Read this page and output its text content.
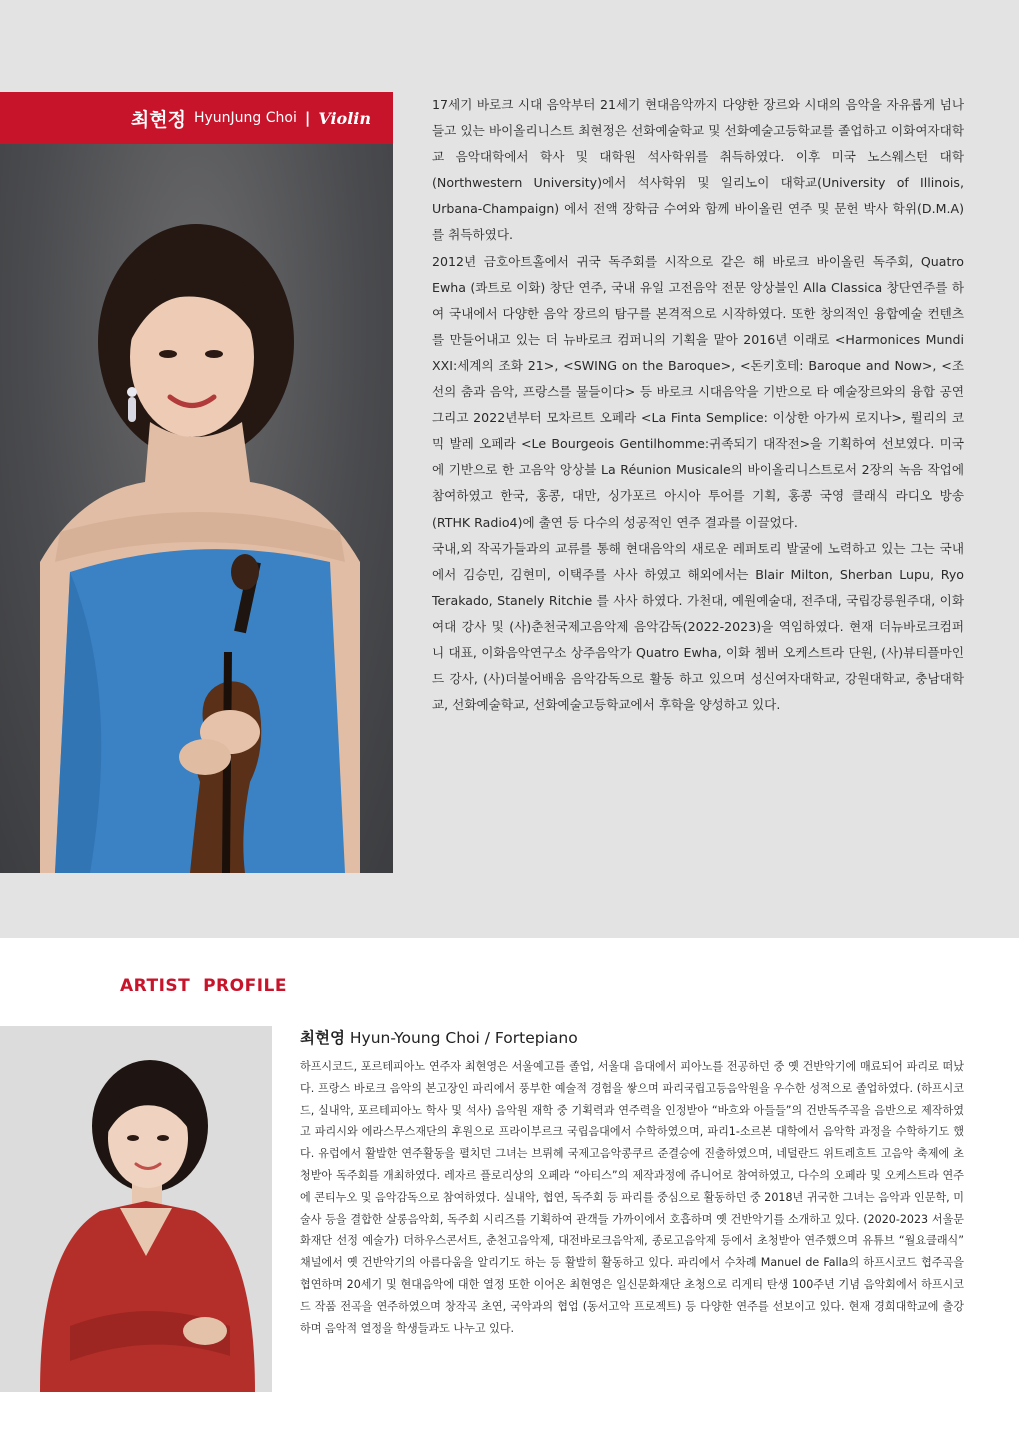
최현정 HyunJung Choi | Violin

17세기 바로크 시대 음악부터 21세기 현대음악까지 다양한 장르와 시대의 음악을 자유롭게 넘나들고 있는 바이올리니스트 최현정은 선화예술학교 및 선화예술고등학교를 졸업하고 이화여자대학교 음악대학에서 학사 및 대학원 석사학위를 취득하였다. 이후 미국 노스웨스턴 대학(Northwestern University)에서 석사학위 및 일리노이 대학교(University of Illinois, Urbana-Champaign) 에서 전액 장학금 수여와 함께 바이올린 연주 및 문헌 박사 학위(D.M.A) 를 취득하였다.

2012년 금호아트홀에서 귀국 독주회를 시작으로 같은 해 바로크 바이올린 독주회, Quatro Ewha (콰트로 이화) 창단 연주, 국내 유일 고전음악 전문 앙상블인 Alla Classica 창단연주를 하여 국내에서 다양한 음악 장르의 탐구를 본격적으로 시작하였다. 또한 창의적인 융합예술 컨텐츠를 만들어내고 있는 더 뉴바로크 컴퍼니의 기획을 맡아 2016년 이래로 <Harmonices Mundi XXI:세계의 조화 21>, <SWING on the Baroque>, <돈키호테: Baroque and Now>, <조선의 춤과 음악, 프랑스를 물들이다> 등 바로크 시대음악을 기반으로 타 예술장르와의 융합 공연 그리고 2022년부터 모차르트 오페라 <La Finta Semplice: 이상한 아가씨 로지나>, 륄리의 코믹 발레 오페라 <Le Bourgeois Gentilhomme:귀족되기 대작전>을 기획하여 선보였다. 미국에 기반으로 한 고음악 앙상블 La Réunion Musicale의 바이올리니스트로서 2장의 녹음 작업에 참여하였고 한국, 홍콩, 대만, 싱가포르 아시아 투어를 기획, 홍콩 국영 클래식 라디오 방송 (RTHK Radio4)에 출연 등 다수의 성공적인 연주 결과를 이끌었다.

국내,외 작곡가들과의 교류를 통해 현대음악의 새로운 레퍼토리 발굴에 노력하고 있는 그는 국내에서 김승민, 김현미, 이택주를 사사 하였고 해외에서는 Blair Milton, Sherban Lupu, Ryo Terakado, Stanely Ritchie 를 사사 하였다. 가천대, 예원예술대, 전주대, 국립강릉원주대, 이화여대 강사 및 (사)춘천국제고음악제 음악감독(2022-2023)을 역임하였다. 현재 더뉴바로크컴퍼니 대표, 이화음악연구소 상주음악가 Quatro Ewha, 이화 쳄버 오케스트라 단원, (사)뷰티플마인드 강사, (사)더불어배움 음악감독으로 활동 하고 있으며 성신여자대학교, 강원대학교, 충남대학교, 선화예술학교, 선화예술고등학교에서 후학을 양성하고 있다.

ARTIST  PROFILE
최현영 Hyun-Young Choi / Fortepiano

하프시코드, 포르테피아노 연주자 최현영은 서울예고를 졸업, 서울대 음대에서 피아노를 전공하던 중 옛 건반악기에 매료되어 파리로 떠났다. 프랑스 바로크 음악의 본고장인 파리에서 풍부한 예술적 경험을 쌓으며 파리국립고등음악원을 우수한 성적으로 졸업하였다. (하프시코드, 실내악, 포르테피아노 학사 및 석사) 음악원 재학 중 기획력과 연주력을 인정받아 “바흐와 아들들”의 건반독주곡을 음반으로 제작하였고 파리시와 에라스무스재단의 후원으로 프라이부르크 국립음대에서 수학하였으며, 파리1-소르본 대학에서 음악학 과정을 수학하기도 했다. 유럽에서 활발한 연주활동을 펼치던 그녀는 브뤼헤 국제고음악콩쿠르 준결승에 진출하였으며, 네덜란드 위트레흐트 고음악 축제에 초청받아 독주회를 개최하였다. 레자르 플로리상의 오페라 “아티스”의 제작과정에 쥬니어로 참여하였고, 다수의 오페라 및 오케스트라 연주에 콘티누오 및 음악감독으로 참여하였다. 실내악, 협연, 독주회 등 파리를 중심으로 활동하던 중 2018년 귀국한 그녀는 음악과 인문학, 미술사 등을 결합한 살롱음악회, 독주회 시리즈를 기획하여 관객들 가까이에서 호흡하며 옛 건반악기를 소개하고 있다. (2020-2023 서울문화재단 선정 예술가) 더하우스콘서트, 춘천고음악제, 대전바로크음악제, 종로고음악제 등에서 초청받아 연주했으며 유튜브 “월요클래식” 채널에서 옛 건반악기의 아름다움을 알리기도 하는 등 활발히 활동하고 있다. 파리에서 수차례 Manuel de Falla의 하프시코드 협주곡을 협연하며 20세기 및 현대음악에 대한 열정 또한 이어온 최현영은 일신문화재단 초청으로 리게티 탄생 100주년 기념 음악회에서 하프시코드 작품 전곡을 연주하였으며 창작곡 초연, 국악과의 협업 (동서고악 프로젝트) 등 다양한 연주를 선보이고 있다. 현재 경희대학교에 출강하며 음악적 열정을 학생들과도 나누고 있다.
